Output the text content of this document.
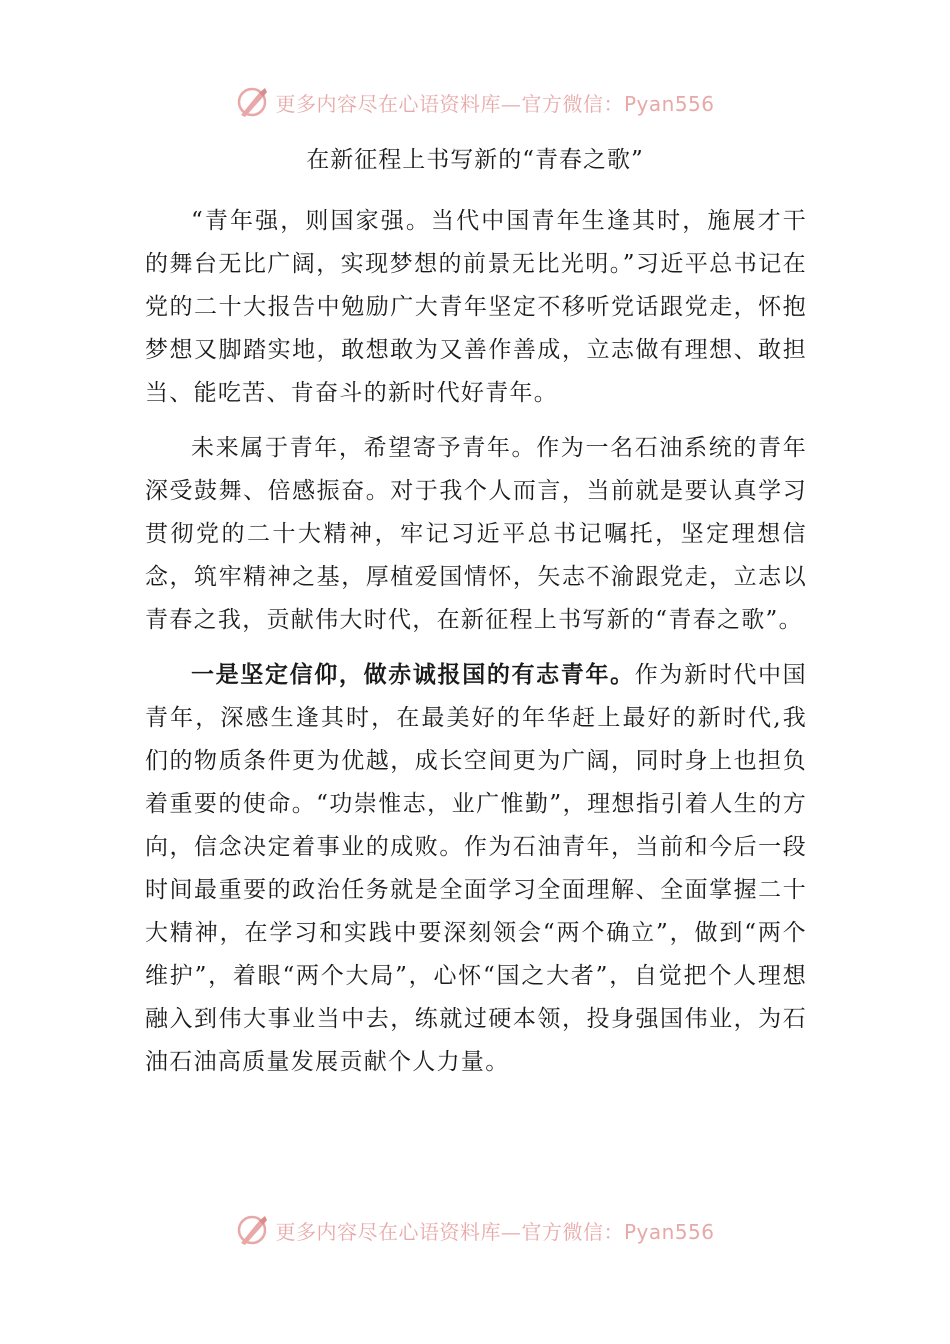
更多内容尽在心语资料库—官方微信：Pyan556
在新征程上书写新的“青春之歌”

“青年强，则国家强。当代中国青年生逢其时，施展才干的舞台无比广阔，实现梦想的前景无比光明。”习近平总书记在党的二十大报告中勉励广大青年坚定不移听党话跟党走，怀抱梦想又脚踏实地，敢想敢为又善作善成，立志做有理想、敢担当、能吃苦、肯奋斗的新时代好青年。

未来属于青年，希望寄予青年。作为一名石油系统的青年深受鼓舞、倍感振奋。对于我个人而言，当前就是要认真学习贯彻党的二十大精神，牢记习近平总书记嘱托，坚定理想信念，筑牢精神之基，厚植爱国情怀，矢志不渝跟党走，立志以青春之我，贡献伟大时代，在新征程上书写新的“青春之歌”。

一是坚定信仰，做赤诚报国的有志青年。作为新时代中国青年，深感生逢其时，在最美好的年华赶上最好的新时代,我们的物质条件更为优越，成长空间更为广阔，同时身上也担负着重要的使命。“功崇惟志，业广惟勤”，理想指引着人生的方向，信念决定着事业的成败。作为石油青年，当前和今后一段时间最重要的政治任务就是全面学习全面理解、全面掌握二十大精神，在学习和实践中要深刻领会“两个确立”，做到“两个维护”，着眼“两个大局”，心怀“国之大者”，自觉把个人理想融入到伟大事业当中去，练就过硬本领，投身强国伟业，为石油石油高质量发展贡献个人力量。

更多内容尽在心语资料库—官方微信：Pyan556
